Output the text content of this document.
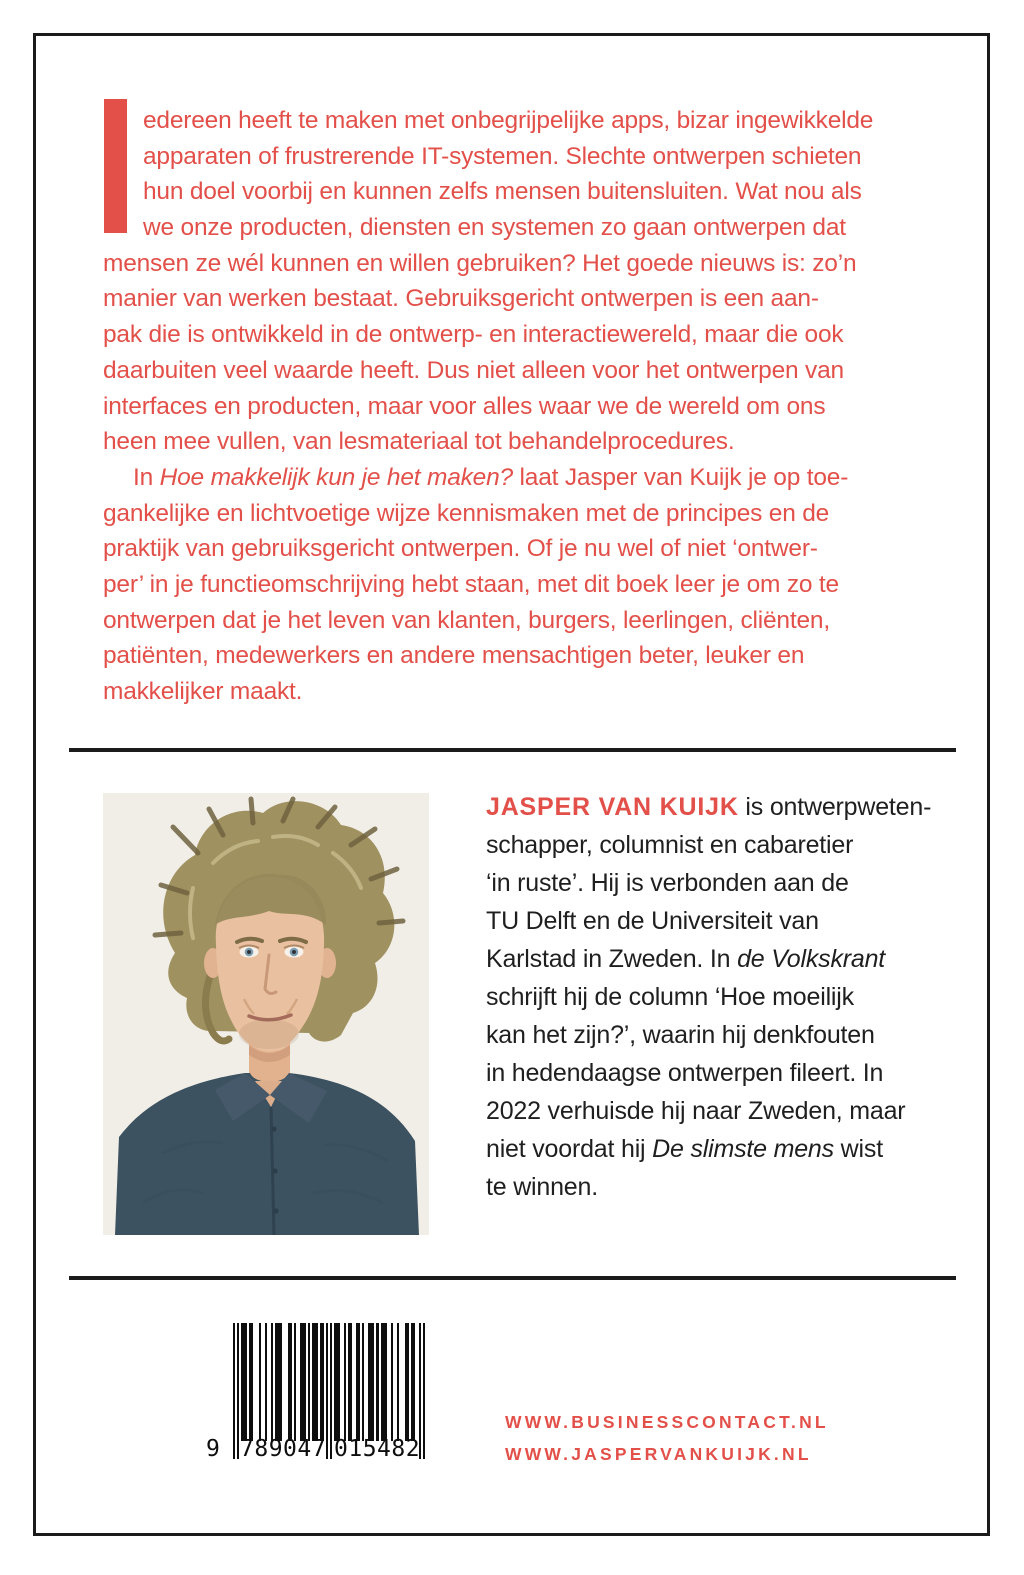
edereen heeft te maken met onbegrijpelijke apps, bizar ingewikkelde
apparaten of frustrerende IT-systemen. Slechte ontwerpen schieten
hun doel voorbij en kunnen zelfs mensen buitensluiten. Wat nou als
we onze producten, diensten en systemen zo gaan ontwerpen dat
mensen ze wél kunnen en willen gebruiken? Het goede nieuws is: zo’n
manier van werken bestaat. Gebruiksgericht ontwerpen is een aan-
pak die is ontwikkeld in de ontwerp- en interactiewereld, maar die ook
daarbuiten veel waarde heeft. Dus niet alleen voor het ontwerpen van
interfaces en producten, maar voor alles waar we de wereld om ons
heen mee vullen, van lesmateriaal tot behandelprocedures.
In Hoe makkelijk kun je het maken? laat Jasper van Kuijk je op toe-
gankelijke en lichtvoetige wijze kennismaken met de principes en de
praktijk van gebruiksgericht ontwerpen. Of je nu wel of niet ‘ontwer-
per’ in je functieomschrijving hebt staan, met dit boek leer je om zo te
ontwerpen dat je het leven van klanten, burgers, leerlingen, cliënten,
patiënten, medewerkers en andere mensachtigen beter, leuker en
makkelijker maakt.
JASPER VAN KUIJK is ontwerpweten-
schapper, columnist en cabaretier
‘in ruste’. Hij is verbonden aan de
TU Delft en de Universiteit van
Karlstad in Zweden. In de Volkskrant
schrijft hij de column ‘Hoe moeilijk
kan het zijn?’, waarin hij denkfouten
in hedendaagse ontwerpen fileert. In
2022 verhuisde hij naar Zweden, maar
niet voordat hij De slimste mens wist
te winnen.
9 789047 015482
WWW.BUSINESSCONTACT.NL
WWW.JASPERVANKUIJK.NL
